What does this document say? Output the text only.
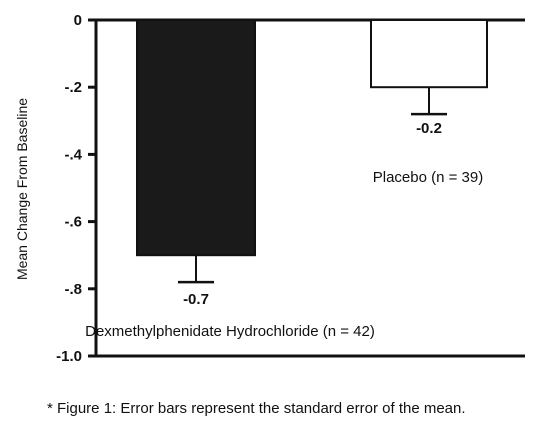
Mean Change From Baseline
0
-.2
-.4
-.6
-.8
-1.0
-0.7
Dexmethylphenidate Hydrochloride (n = 42)
-0.2
Placebo (n = 39)
* Figure 1: Error bars represent the standard error of the mean.
